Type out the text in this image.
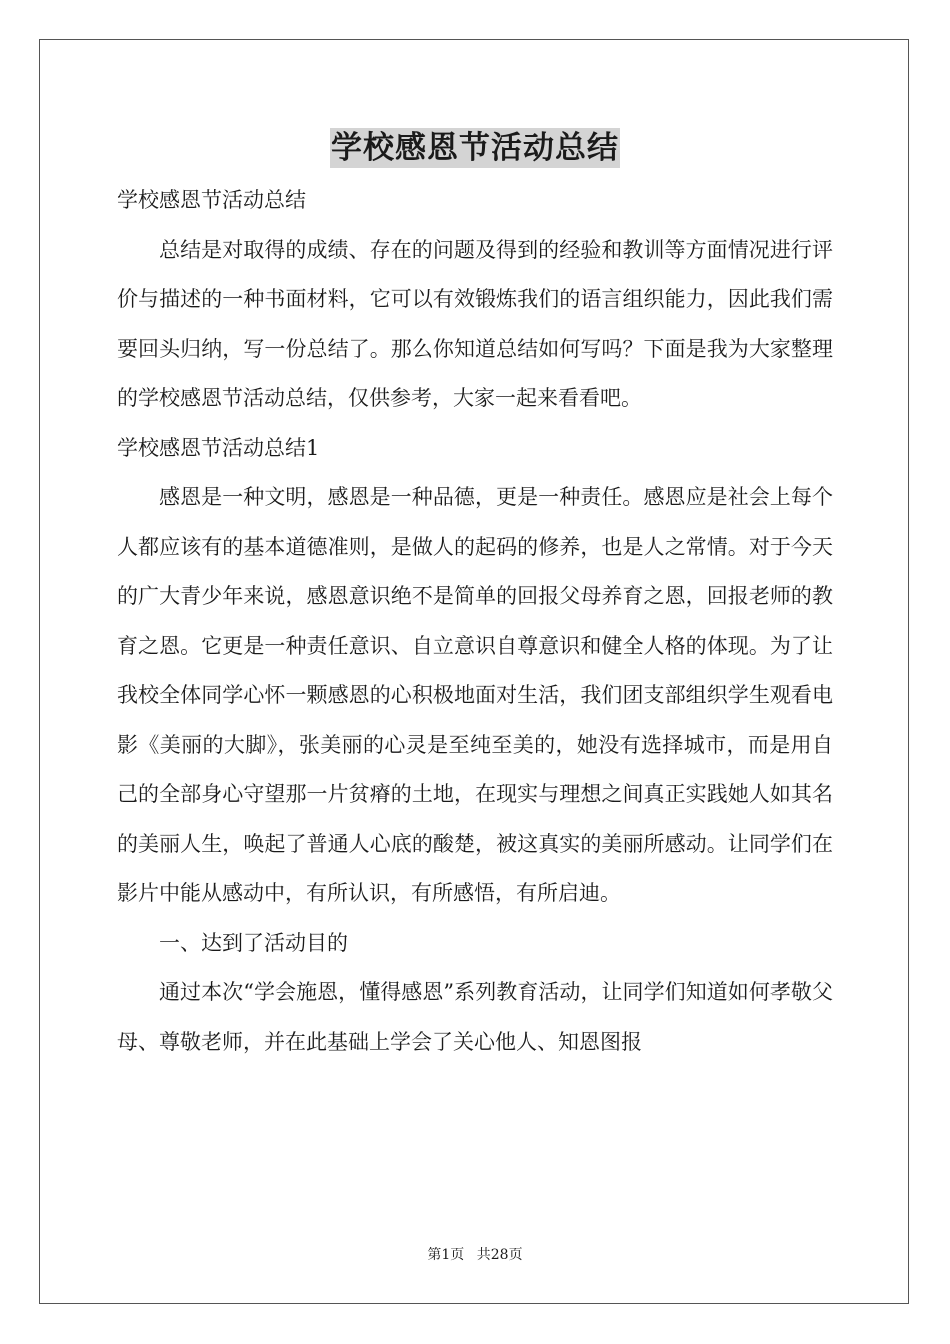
学校感恩节活动总结

学校感恩节活动总结

总结是对取得的成绩、存在的问题及得到的经验和教训等方面情况进行评价与描述的一种书面材料，它可以有效锻炼我们的语言组织能力，因此我们需要回头归纳，写一份总结了。那么你知道总结如何写吗？下面是我为大家整理的学校感恩节活动总结，仅供参考，大家一起来看看吧。

学校感恩节活动总结1

感恩是一种文明，感恩是一种品德，更是一种责任。感恩应是社会上每个人都应该有的基本道德准则，是做人的起码的修养，也是人之常情。对于今天的广大青少年来说，感恩意识绝不是简单的回报父母养育之恩，回报老师的教育之恩。它更是一种责任意识、自立意识自尊意识和健全人格的体现。为了让我校全体同学心怀一颗感恩的心积极地面对生活，我们团支部组织学生观看电影《美丽的大脚》，张美丽的心灵是至纯至美的，她没有选择城市，而是用自己的全部身心守望那一片贫瘠的土地，在现实与理想之间真正实践她人如其名的美丽人生，唤起了普通人心底的酸楚，被这真实的美丽所感动。让同学们在影片中能从感动中，有所认识，有所感悟，有所启迪。

一、达到了活动目的

通过本次“学会施恩，懂得感恩”系列教育活动，让同学们知道如何孝敬父母、尊敬老师，并在此基础上学会了关心他人、知恩图报

第1页 共28页
